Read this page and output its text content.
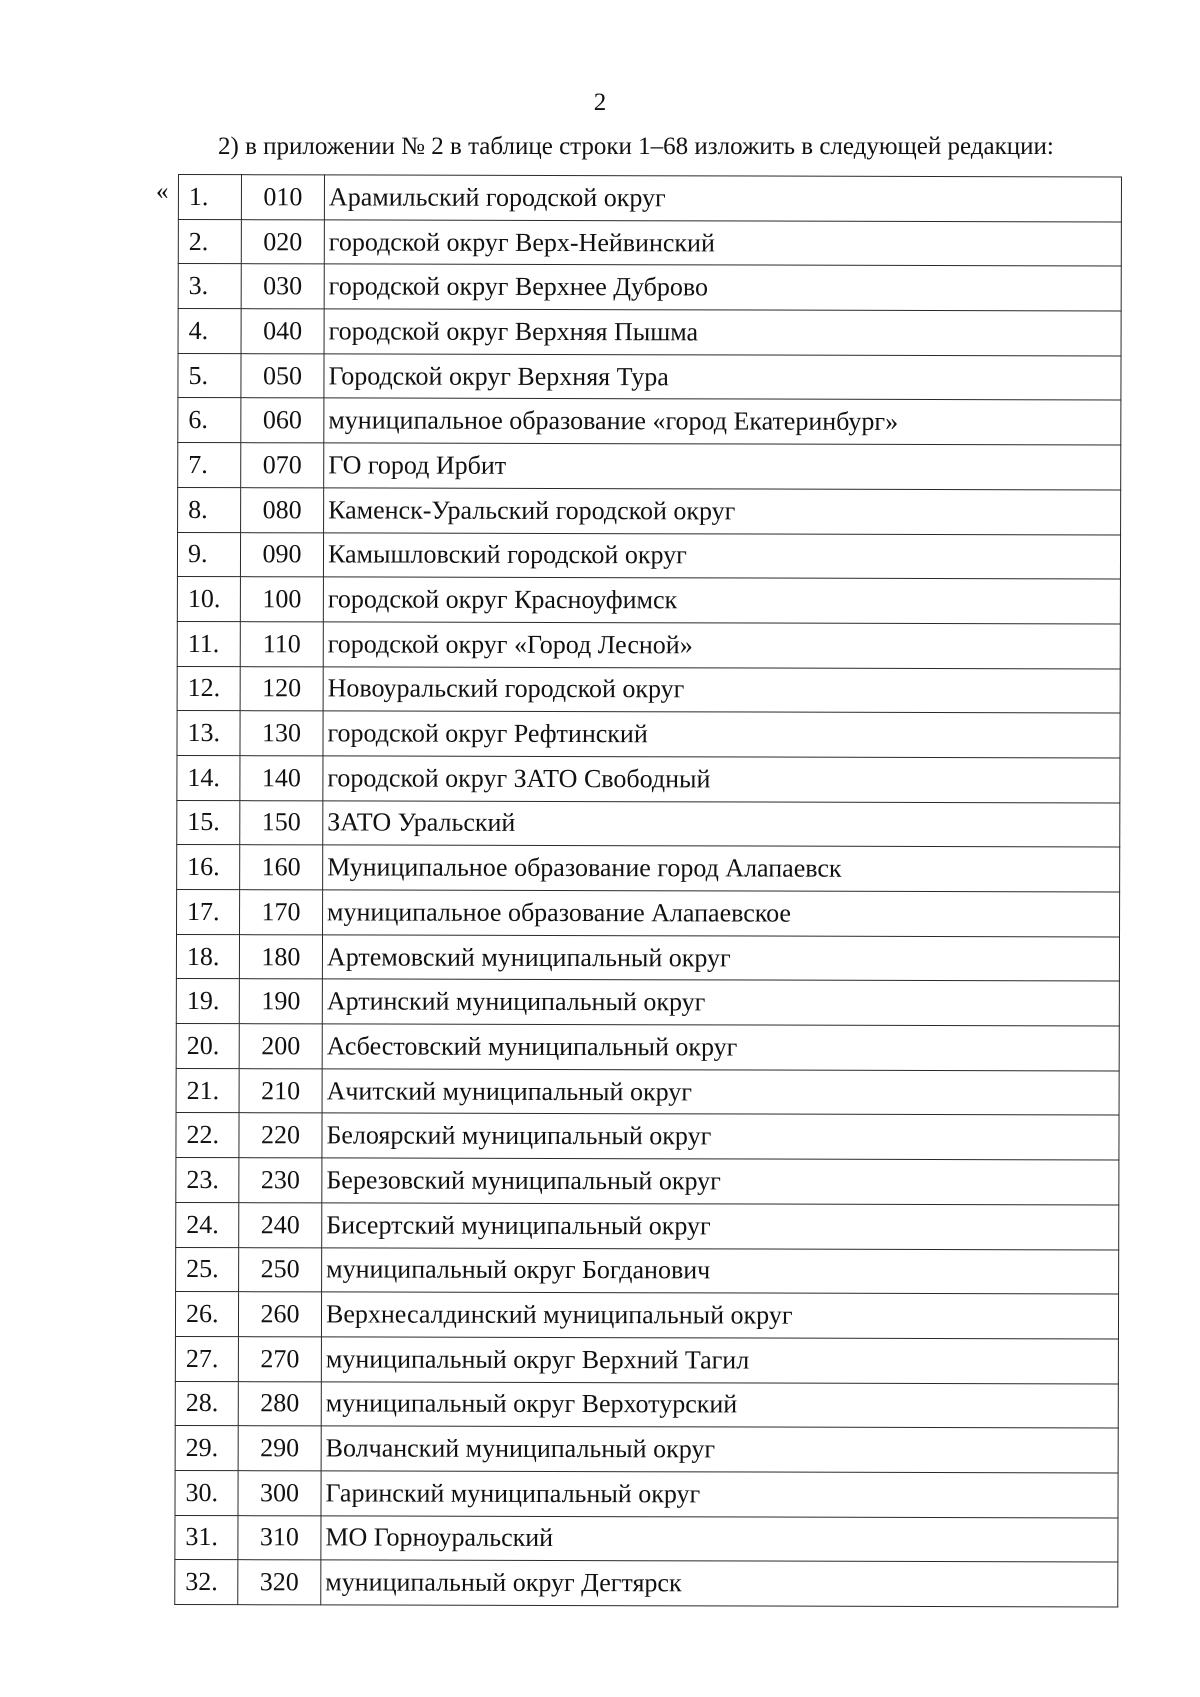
2
2) в приложении № 2 в таблице строки 1–68 изложить в следующей редакции:
« 1.	010	Арамильский городской округ
2.	020	городской округ Верх-Нейвинский
3.	030	городской округ Верхнее Дуброво
4.	040	городской округ Верхняя Пышма
5.	050	Городской округ Верхняя Тура
6.	060	муниципальное образование «город Екатеринбург»
7.	070	ГО город Ирбит
8.	080	Каменск-Уральский городской округ
9.	090	Камышловский городской округ
10.	100	городской округ Красноуфимск
11.	110	городской округ «Город Лесной»
12.	120	Новоуральский городской округ
13.	130	городской округ Рефтинский
14.	140	городской округ ЗАТО Свободный
15.	150	ЗАТО Уральский
16.	160	Муниципальное образование город Алапаевск
17.	170	муниципальное образование Алапаевское
18.	180	Артемовский муниципальный округ
19.	190	Артинский муниципальный округ
20.	200	Асбестовский муниципальный округ
21.	210	Ачитский муниципальный округ
22.	220	Белоярский муниципальный округ
23.	230	Березовский муниципальный округ
24.	240	Бисертский муниципальный округ
25.	250	муниципальный округ Богданович
26.	260	Верхнесалдинский муниципальный округ
27.	270	муниципальный округ Верхний Тагил
28.	280	муниципальный округ Верхотурский
29.	290	Волчанский муниципальный округ
30.	300	Гаринский муниципальный округ
31.	310	МО Горноуральский
32.	320	муниципальный округ Дегтярск
